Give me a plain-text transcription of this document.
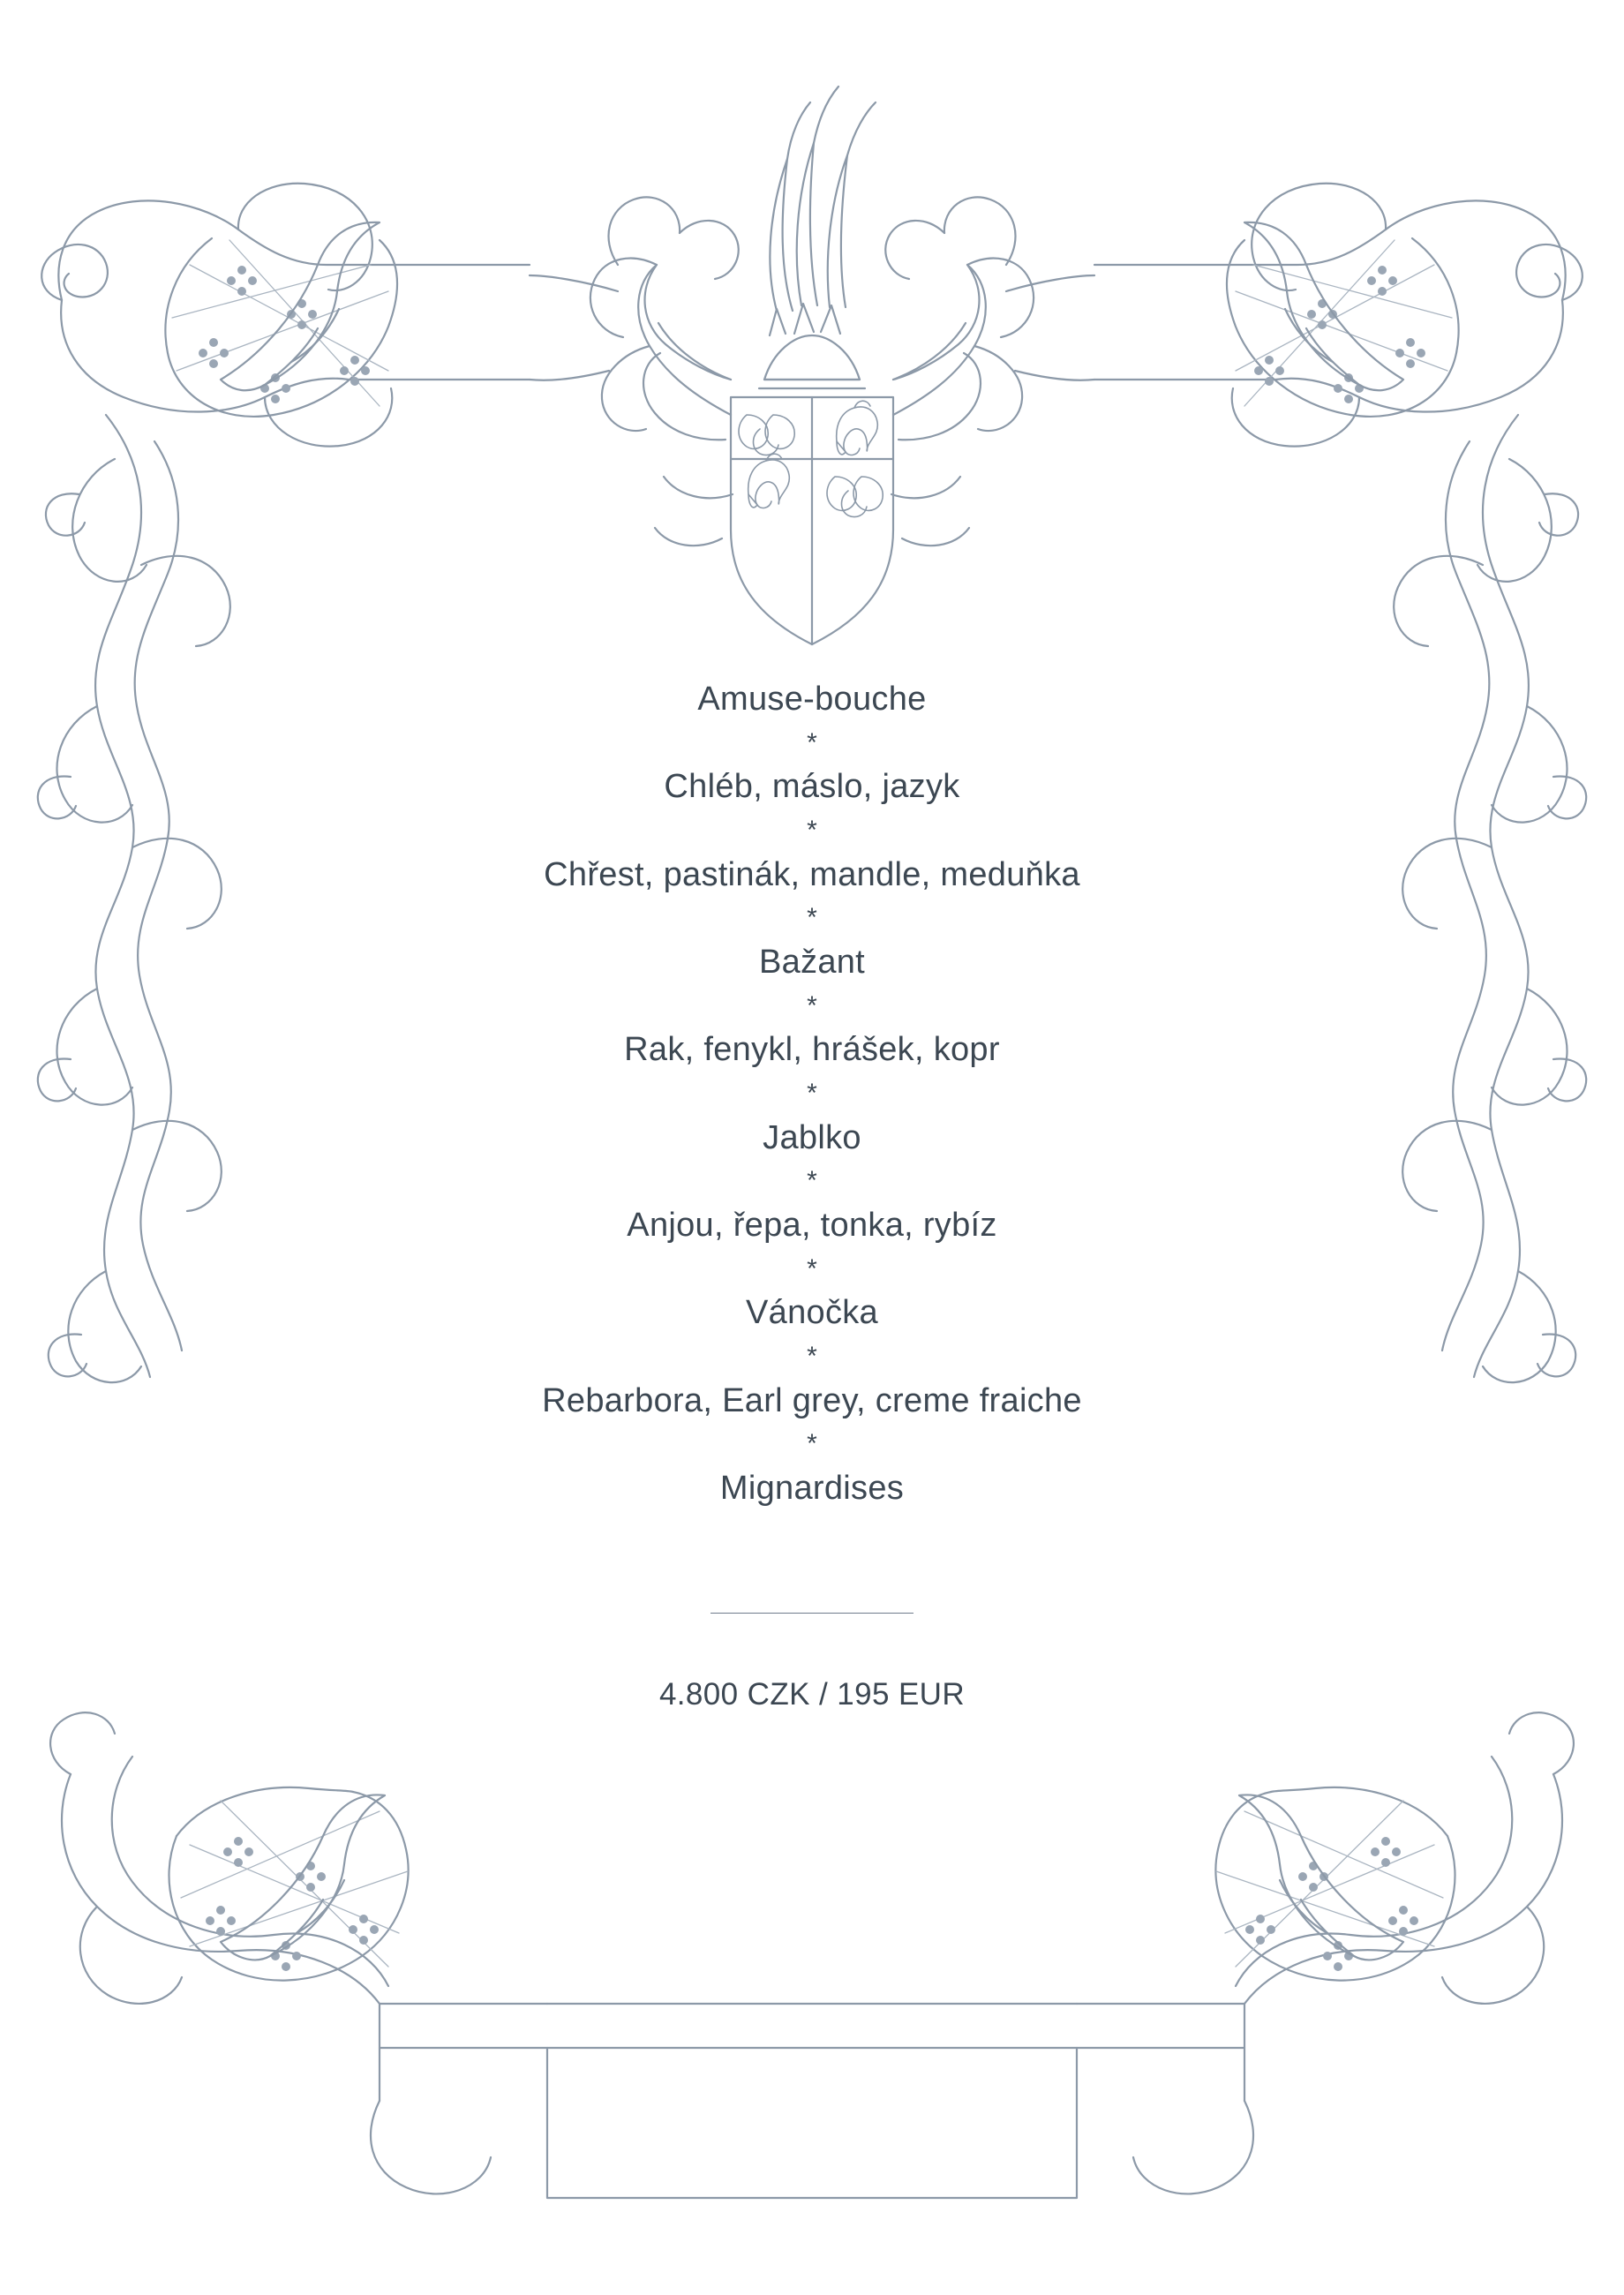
Amuse-bouche
*
Chléb, máslo, jazyk
*
Chřest, pastinák, mandle, meduňka
*
Bažant
*
Rak, fenykl, hrášek, kopr
*
Jablko
*
Anjou, řepa, tonka, rybíz
*
Vánočka
*
Rebarbora, Earl grey, creme fraiche
*
Mignardises
4.800 CZK / 195 EUR
